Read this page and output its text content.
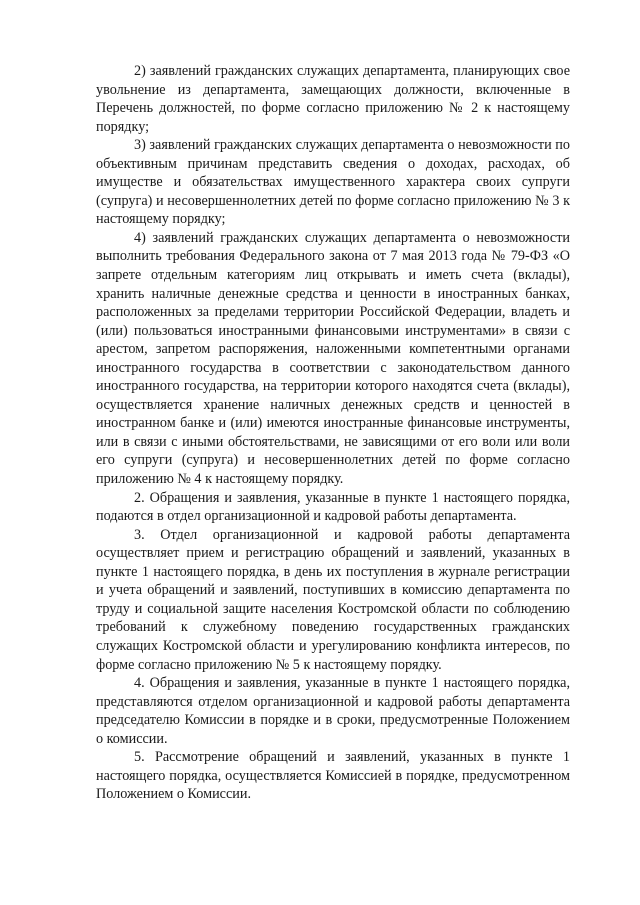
2) заявлений гражданских служащих департамента, планирующих свое увольнение из департамента, замещающих должности, включенные в Перечень должностей, по форме согласно приложению № 2 к настоящему порядку;

3) заявлений гражданских служащих департамента о невозможности по объективным причинам представить сведения о доходах, расходах, об имуществе и обязательствах имущественного характера своих супруги (супруга) и несовершеннолетних детей по форме согласно приложению № 3 к настоящему порядку;

4) заявлений гражданских служащих департамента о невозможности выполнить требования Федерального закона от 7 мая 2013 года № 79-ФЗ «О запрете отдельным категориям лиц открывать и иметь счета (вклады), хранить наличные денежные средства и ценности в иностранных банках, расположенных за пределами территории Российской Федерации, владеть и (или) пользоваться иностранными финансовыми инструментами» в связи с арестом, запретом распоряжения, наложенными компетентными органами иностранного государства в соответствии с законодательством данного иностранного государства, на территории которого находятся счета (вклады), осуществляется хранение наличных денежных средств и ценностей в иностранном банке и (или) имеются иностранные финансовые инструменты, или в связи с иными обстоятельствами, не зависящими от его воли или воли его супруги (супруга) и несовершеннолетних детей по форме согласно приложению № 4 к настоящему порядку.

2. Обращения и заявления, указанные в пункте 1 настоящего порядка, подаются в отдел организационной и кадровой работы департамента.

3. Отдел организационной и кадровой работы департамента осуществляет прием и регистрацию обращений и заявлений, указанных в пункте 1 настоящего порядка, в день их поступления в журнале регистрации и учета обращений и заявлений, поступивших в комиссию департамента по труду и социальной защите населения Костромской области по соблюдению требований к служебному поведению государственных гражданских служащих Костромской области и урегулированию конфликта интересов, по форме согласно приложению № 5 к настоящему порядку.

4. Обращения и заявления, указанные в пункте 1 настоящего порядка, представляются отделом организационной и кадровой работы департамента председателю Комиссии в порядке и в сроки, предусмотренные Положением о комиссии.

5. Рассмотрение обращений и заявлений, указанных в пункте 1 настоящего порядка, осуществляется Комиссией в порядке, предусмотренном Положением о Комиссии.
